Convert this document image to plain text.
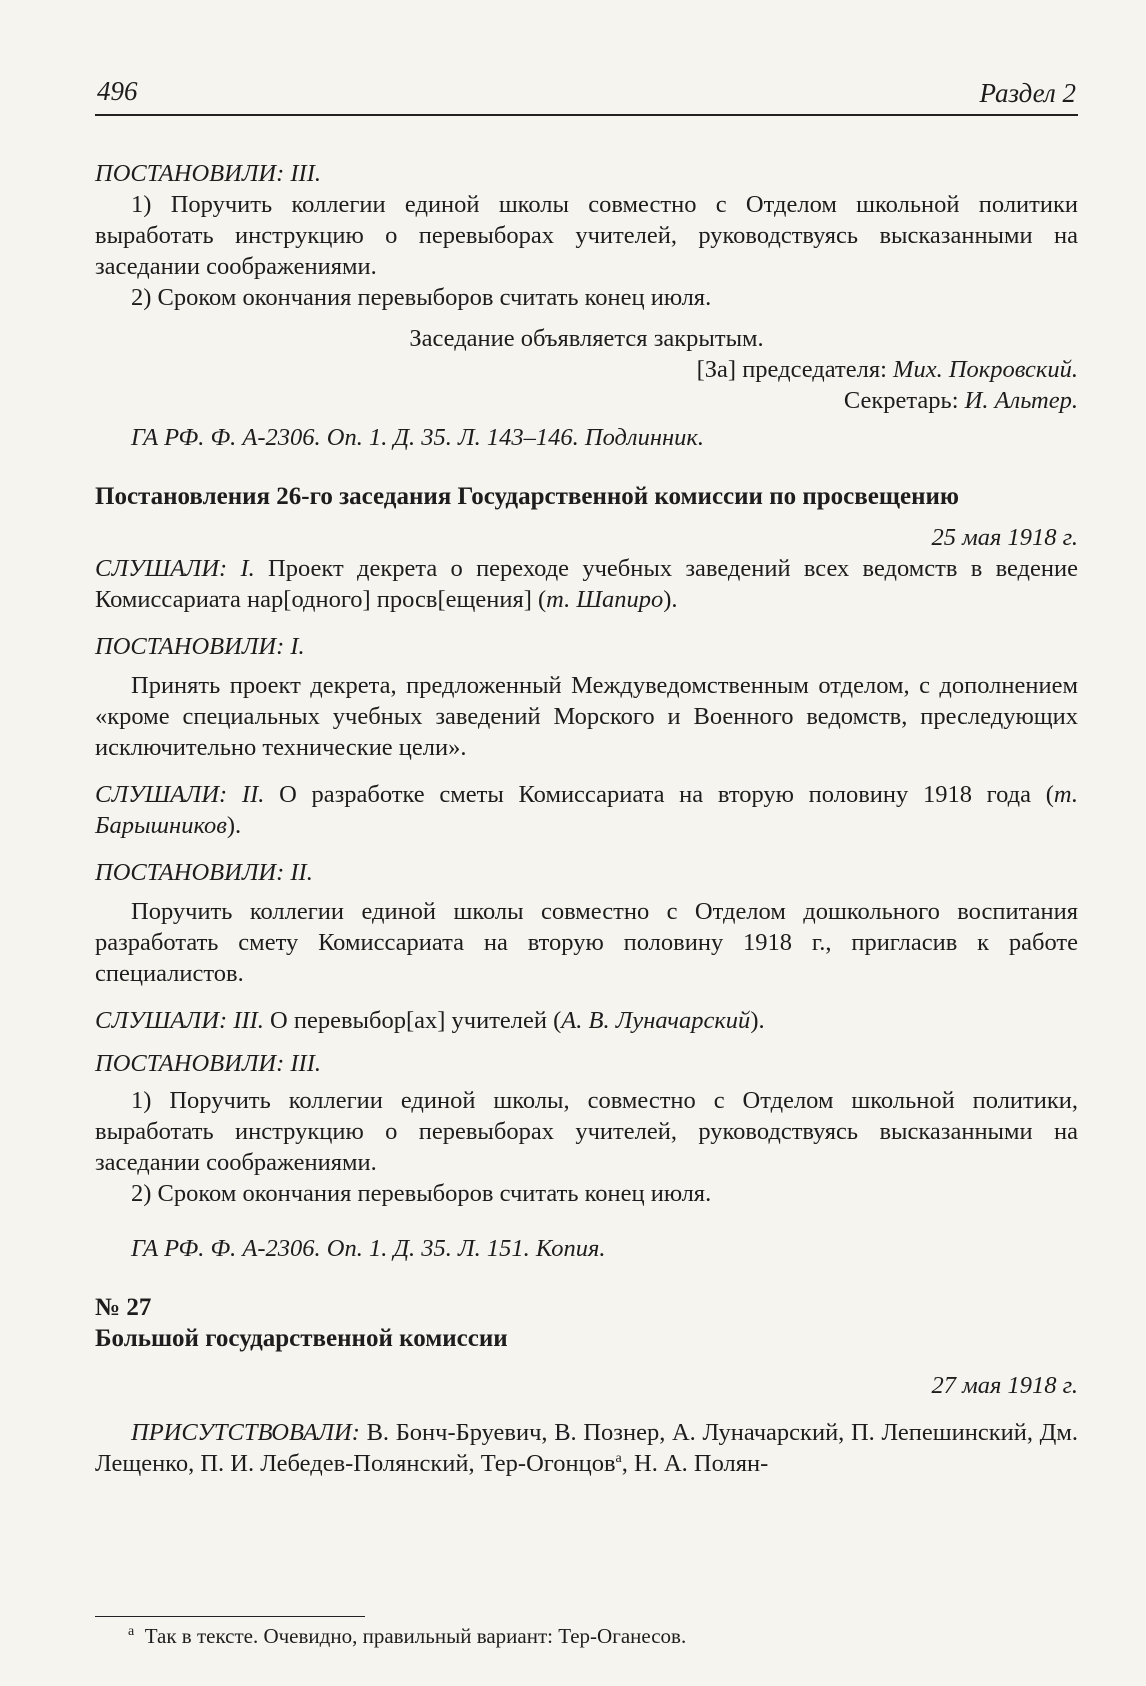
496	Раздел 2

ПОСТАНОВИЛИ: III.

1) Поручить коллегии единой школы совместно с Отделом школьной политики выработать инструкцию о перевыборах учителей, руководствуясь высказанными на заседании соображениями.

2) Сроком окончания перевыборов считать конец июля.

Заседание объявляется закрытым.

[За] председателя: Мих. Покровский.

Секретарь: И. Альтер.

ГА РФ. Ф. А-2306. Оп. 1. Д. 35. Л. 143–146. Подлинник.

Постановления 26-го заседания Государственной комиссии по просвещению

25 мая 1918 г.

СЛУШАЛИ: I. Проект декрета о переходе учебных заведений всех ведомств в ведение Комиссариата нар[одного] просв[ещения] (т. Шапиро).

ПОСТАНОВИЛИ: I.

Принять проект декрета, предложенный Междуведомственным отделом, с дополнением «кроме специальных учебных заведений Морского и Военного ведомств, преследующих исключительно технические цели».

СЛУШАЛИ: II. О разработке сметы Комиссариата на вторую половину 1918 года (т. Барышников).

ПОСТАНОВИЛИ: II.

Поручить коллегии единой школы совместно с Отделом дошкольного воспитания разработать смету Комиссариата на вторую половину 1918 г., пригласив к работе специалистов.

СЛУШАЛИ: III. О перевыбор[ах] учителей (А. В. Луначарский).

ПОСТАНОВИЛИ: III.

1) Поручить коллегии единой школы, совместно с Отделом школьной политики, выработать инструкцию о перевыборах учителей, руководствуясь высказанными на заседании соображениями.

2) Сроком окончания перевыборов считать конец июля.

ГА РФ. Ф. А-2306. Оп. 1. Д. 35. Л. 151. Копия.

№ 27

Большой государственной комиссии

27 мая 1918 г.

ПРИСУТСТВОВАЛИ: В. Бонч-Бруевич, В. Познер, А. Луначарский, П. Лепешинский, Дм. Лещенко, П. И. Лебедев-Полянский, Тер-Огонцов$^а$, Н. А. Полян-

$^а$ Так в тексте. Очевидно, правильный вариант: Тер-Оганесов.
